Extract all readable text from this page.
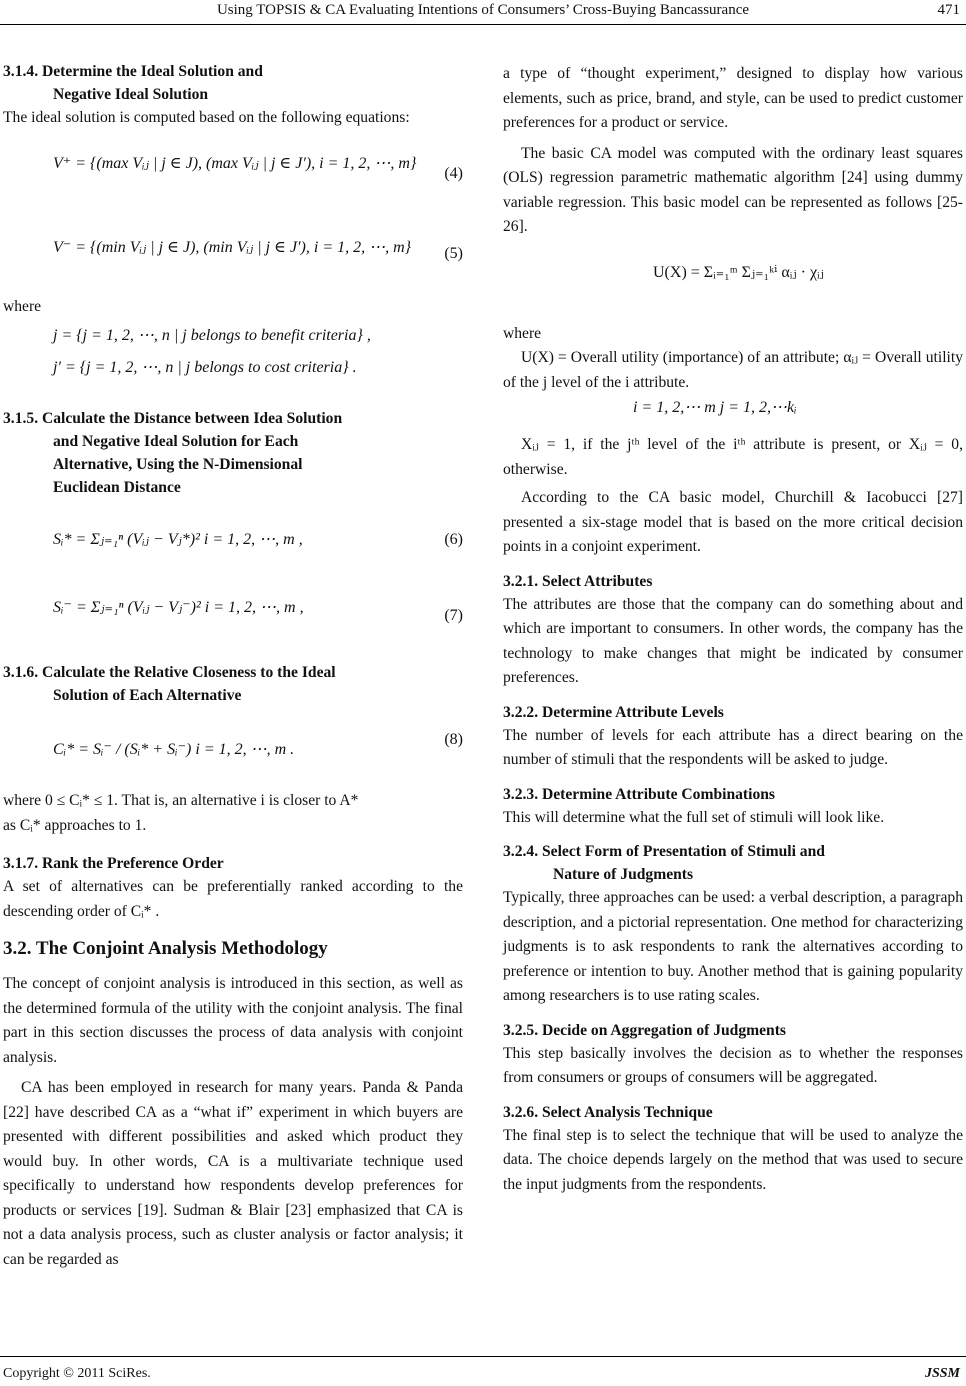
Using TOPSIS & CA Evaluating Intentions of Consumers’ Cross-Buying Bancassurance	471
3.1.4. Determine the Ideal Solution and
Negative Ideal Solution

The ideal solution is computed based on the following equations:

V⁺ = {(max Vᵢⱼ | j ∈ J), (max Vᵢⱼ | j ∈ J′), i = 1, 2, ⋯, m}
(4)
V⁻ = {(min Vᵢⱼ | j ∈ J), (min Vᵢⱼ | j ∈ J′), i = 1, 2, ⋯, m} (5)

where

j = {j = 1, 2, ⋯, n | j belongs to benefit criteria} ,
j′ = {j = 1, 2, ⋯, n | j belongs to cost criteria} .
3.1.5. Calculate the Distance between Idea Solution
and Negative Ideal Solution for Each
Alternative, Using the N-Dimensional
Euclidean Distance
Sᵢ* = Σⱼ₌₁ⁿ (Vᵢⱼ − Vⱼ*)² i = 1, 2, ⋯, m ,	(6)
Sᵢ⁻ = Σⱼ₌₁ⁿ (Vᵢⱼ − Vⱼ⁻)² i = 1, 2, ⋯, m ,	(7)
3.1.6. Calculate the Relative Closeness to the Ideal
Solution of Each Alternative
Cᵢ* = Sᵢ⁻ / (Sᵢ* + Sᵢ⁻) i = 1, 2, ⋯, m .
(8)

where 0 ≤ Cᵢ* ≤ 1. That is, an alternative i is closer to A*

as Cᵢ* approaches to 1.

3.1.7. Rank the Preference Order

A set of alternatives can be preferentially ranked according to the descending order of Cᵢ* .

3.2. The Conjoint Analysis Methodology

The concept of conjoint analysis is introduced in this section, as well as the determined formula of the utility with the conjoint analysis. The final part in this section discusses the process of data analysis with conjoint analysis.

CA has been employed in research for many years. Panda & Panda [22] have described CA as a “what if” experiment in which buyers are presented with different possibilities and asked which product they would buy. In other words, CA is a multivariate technique used specifically to understand how respondents develop preferences for products or services [19]. Sudman & Blair [23] emphasized that CA is not a data analysis process, such as cluster analysis or factor analysis; it can be regarded as

a type of “thought experiment,” designed to display how various elements, such as price, brand, and style, can be used to predict customer preferences for a product or service.

The basic CA model was computed with the ordinary least squares (OLS) regression parametric mathematic algorithm [24] using dummy variable regression. This basic model can be represented as follows [25-26].

U(X) = Σᵢ₌₁ᵐ Σⱼ₌₁ᵏⁱ αᵢⱼ · χᵢⱼ

where

U(X) = Overall utility (importance) of an attribute; αᵢⱼ = Overall utility of the j level of the i attribute.

i = 1, 2,⋯ m j = 1, 2,⋯kᵢ

Xᵢⱼ = 1, if the jᵗʰ level of the iᵗʰ attribute is present, or Xᵢⱼ = 0, otherwise.

According to the CA basic model, Churchill & Iacobucci [27] presented a six-stage model that is based on the more critical decision points in a conjoint experiment.

3.2.1. Select Attributes

The attributes are those that the company can do something about and which are important to consumers. In other words, the company has the technology to make changes that might be indicated by consumer preferences.

3.2.2. Determine Attribute Levels

The number of levels for each attribute has a direct bearing on the number of stimuli that the respondents will be asked to judge.

3.2.3. Determine Attribute Combinations

This will determine what the full set of stimuli will look like.

3.2.4. Select Form of Presentation of Stimuli and
Nature of Judgments

Typically, three approaches can be used: a verbal description, a paragraph description, and a pictorial representation. One method for characterizing judgments is to ask respondents to rank the alternatives according to preference or intention to buy. Another method that is gaining popularity among researchers is to use rating scales.

3.2.5. Decide on Aggregation of Judgments

This step basically involves the decision as to whether the responses from consumers or groups of consumers will be aggregated.

3.2.6. Select Analysis Technique

The final step is to select the technique that will be used to analyze the data. The choice depends largely on the method that was used to secure the input judgments from the respondents.

Copyright © 2011 SciRes.	JSSM
